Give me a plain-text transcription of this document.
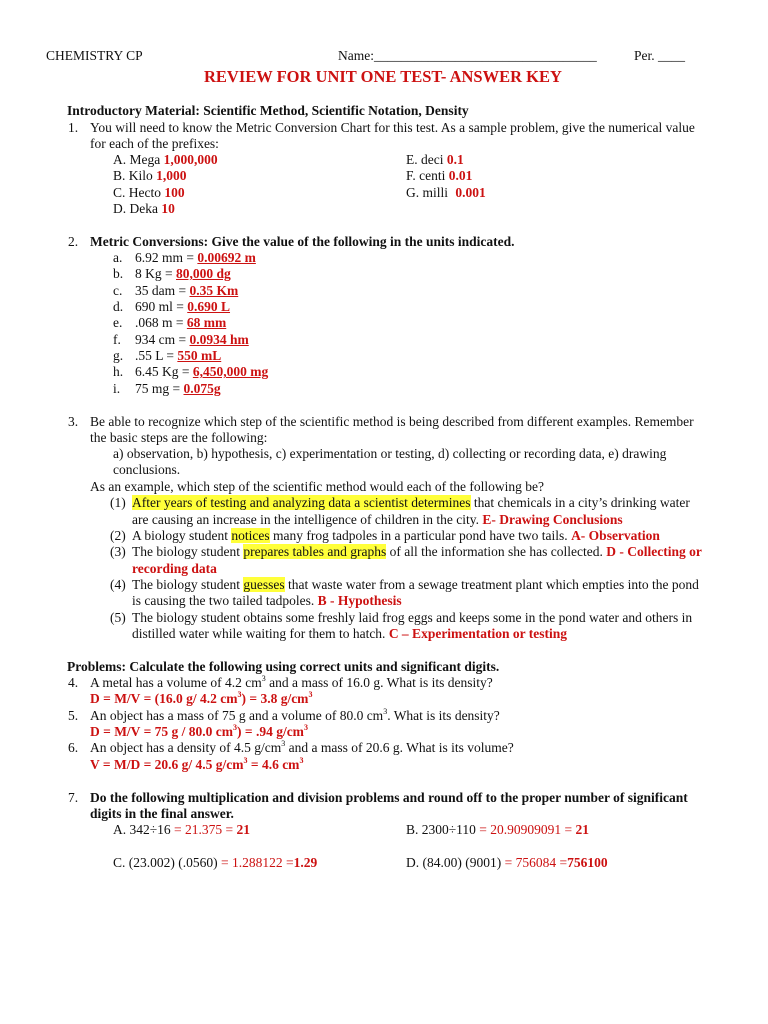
CHEMISTRY CP	Name:_________________________________	Per. ____
REVIEW FOR UNIT ONE TEST- ANSWER KEY
Introductory Material: Scientific Method, Scientific Notation, Density
1. You will need to know the Metric Conversion Chart for this test. As a sample problem, give the numerical value
for each of the prefixes:
A. Mega 1,000,000
B. Kilo 1,000
C. Hecto 100
D. Deka 10
E. deci 0.1
F. centi 0.01
G. milli 0.001
2. Metric Conversions: Give the value of the following in the units indicated.
a. 6.92 mm = 0.00692 m
b. 8 Kg = 80,000 dg
c. 35 dam = 0.35 Km
d. 690 ml = 0.690 L
e. .068 m = 68 mm
f. 934 cm = 0.0934 hm
g. .55 L = 550 mL
h. 6.45 Kg = 6,450,000 mg
i. 75 mg = 0.075g
3. Be able to recognize which step of the scientific method is being described from different examples. Remember
the basic steps are the following:
a) observation, b) hypothesis, c) experimentation or testing, d) collecting or recording data, e) drawing
conclusions.
As an example, which step of the scientific method would each of the following be?
(1) After years of testing and analyzing data a scientist determines that chemicals in a city’s drinking water
are causing an increase in the intelligence of children in the city. E- Drawing Conclusions
(2) A biology student notices many frog tadpoles in a particular pond have two tails. A- Observation
(3) The biology student prepares tables and graphs of all the information she has collected. D - Collecting or
recording data
(4) The biology student guesses that waste water from a sewage treatment plant which empties into the pond
is causing the two tailed tadpoles. B - Hypothesis
(5) The biology student obtains some freshly laid frog eggs and keeps some in the pond water and others in
distilled water while waiting for them to hatch. C – Experimentation or testing
Problems: Calculate the following using correct units and significant digits.
4. A metal has a volume of 4.2 $cm^3$ and a mass of 16.0 g. What is its density?
D = M/V = (16.0 g/ 4.2 $cm^3) = 3.8$ $g/cm^3$
5. An object has a mass of 75 g and a volume of 80.0 $cm^3$. What is its density?
D = M/V = 75 g / 80.0 $cm^3) = .94$ $g/cm^3$
6. An object has a density of 4.5 $g/cm^3$ and a mass of 20.6 g. What is its volume?
V = M/D = 20.6 g/ 4.5 $g/cm^3 = 4.6$ $cm^3$
7. Do the following multiplication and division problems and round off to the proper number of significant
digits in the final answer.
A. 342÷16 = 21.375 = 21	B. 2300÷110 = 20.90909091 = 21
C. (23.002) (.0560) = 1.288122 =1.29	D. (84.00) (9001) = 756084 =756100
